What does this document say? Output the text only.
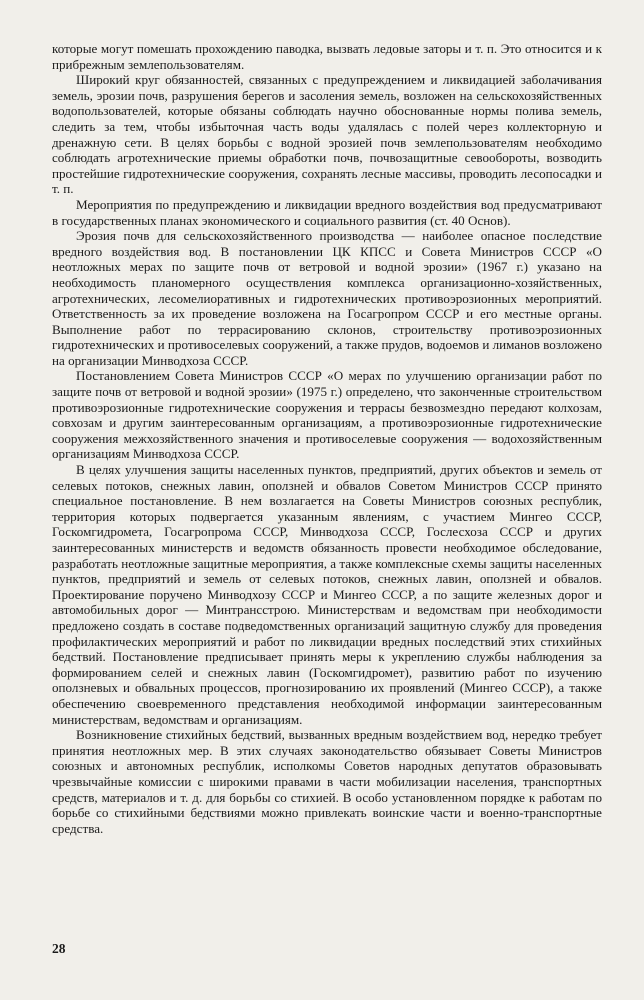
которые могут помешать прохождению паводка, вызвать ледовые заторы и т. п. Это относится и к прибрежным землепользователям.

Широкий круг обязанностей, связанных с предупреждением и ликвидацией заболачивания земель, эрозии почв, разрушения берегов и засоления земель, возложен на сельскохозяйственных водопользователей, которые обязаны соблюдать научно обоснованные нормы полива земель, следить за тем, чтобы избыточная часть воды удалялась с полей через коллекторную и дренажную сети. В целях борьбы с водной эрозией почв землепользователям необходимо соблюдать агротехнические приемы обработки почв, почвозащитные севообороты, возводить простейшие гидротехнические сооружения, сохранять лесные массивы, проводить лесопосадки и т. п.

Мероприятия по предупреждению и ликвидации вредного воздействия вод предусматривают в государственных планах экономического и социального развития (ст. 40 Основ).

Эрозия почв для сельскохозяйственного производства — наиболее опасное последствие вредного воздействия вод. В постановлении ЦК КПСС и Совета Министров СССР «О неотложных мерах по защите почв от ветровой и водной эрозии» (1967 г.) указано на необходимость планомерного осуществления комплекса организационно-хозяйственных, агротехнических, лесомелиоративных и гидротехнических противоэрозионных мероприятий. Ответственность за их проведение возложена на Госагропром СССР и его местные органы. Выполнение работ по террасированию склонов, строительству противоэрозионных гидротехнических и противоселевых сооружений, а также прудов, водоемов и лиманов возложено на организации Минводхоза СССР.

Постановлением Совета Министров СССР «О мерах по улучшению организации работ по защите почв от ветровой и водной эрозии» (1975 г.) определено, что законченные строительством противоэрозионные гидротехнические сооружения и террасы безвозмездно передают колхозам, совхозам и другим заинтересованным организациям, а противоэрозионные гидротехнические сооружения межхозяйственного значения и противоселевые сооружения — водохозяйственным организациям Минводхоза СССР.

В целях улучшения защиты населенных пунктов, предприятий, других объектов и земель от селевых потоков, снежных лавин, оползней и обвалов Советом Министров СССР принято специальное постановление. В нем возлагается на Советы Министров союзных республик, территория которых подвергается указанным явлениям, с участием Мингео СССР, Госкомгидромета, Госагропрома СССР, Минводхоза СССР, Гослесхоза СССР и других заинтересованных министерств и ведомств обязанность провести необходимое обследование, разработать неотложные защитные мероприятия, а также комплексные схемы защиты населенных пунктов, предприятий и земель от селевых потоков, снежных лавин, оползней и обвалов. Проектирование поручено Минводхозу СССР и Мингео СССР, а по защите железных дорог и автомобильных дорог — Минтрансстрою. Министерствам и ведомствам при необходимости предложено создать в составе подведомственных организаций защитную службу для проведения профилактических мероприятий и работ по ликвидации вредных последствий этих стихийных бедствий. Постановление предписывает принять меры к укреплению службы наблюдения за формированием селей и снежных лавин (Госкомгидромет), развитию работ по изучению оползневых и обвальных процессов, прогнозированию их проявлений (Мингео СССР), а также обеспечению своевременного представления необходимой информации заинтересованным министерствам, ведомствам и организациям.

Возникновение стихийных бедствий, вызванных вредным воздействием вод, нередко требует принятия неотложных мер. В этих случаях законодательство обязывает Советы Министров союзных и автономных республик, исполкомы Советов народных депутатов образовывать чрезвычайные комиссии с широкими правами в части мобилизации населения, транспортных средств, материалов и т. д. для борьбы со стихией. В особо установленном порядке к работам по борьбе со стихийными бедствиями можно привлекать воинские части и военно-транспортные средства.

28
